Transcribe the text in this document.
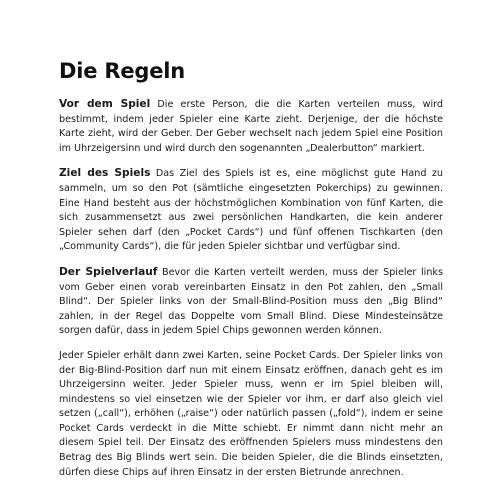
Die Regeln

Vor dem Spiel Die erste Person, die die Karten verteilen muss, wird bestimmt, indem jeder Spieler eine Karte zieht. Derjenige, der die höchste Karte zieht, wird der Geber. Der Geber wechselt nach jedem Spiel eine Position im Uhrzeigersinn und wird durch den sogenannten „Dealerbutton“ markiert.

Ziel des Spiels Das Ziel des Spiels ist es, eine möglichst gute Hand zu sammeln, um so den Pot (sämtliche eingesetzten Pokerchips) zu gewinnen. Eine Hand besteht aus der höchstmöglichen Kombination von fünf Karten, die sich zusammensetzt aus zwei persönlichen Handkarten, die kein anderer Spieler sehen darf (den „Pocket Cards“) und fünf offenen Tischkarten (den „Community Cards“), die für jeden Spieler sichtbar und verfügbar sind.

Der Spielverlauf Bevor die Karten verteilt werden, muss der Spieler links vom Geber einen vorab vereinbarten Einsatz in den Pot zahlen, den „Small Blind“. Der Spieler links von der Small-Blind-Position muss den „Big Blind“ zahlen, in der Regel das Doppelte vom Small Blind. Diese Mindesteinsätze sorgen dafür, dass in jedem Spiel Chips gewonnen werden können.

Jeder Spieler erhält dann zwei Karten, seine Pocket Cards. Der Spieler links von der Big-Blind-Position darf nun mit einem Einsatz eröffnen, danach geht es im Uhrzeigersinn weiter. Jeder Spieler muss, wenn er im Spiel bleiben will, mindestens so viel einsetzen wie der Spieler vor ihm, er darf also gleich viel setzen („call“), erhöhen („raise“) oder natürlich passen („fold“), indem er seine Pocket Cards verdeckt in die Mitte schiebt. Er nimmt dann nicht mehr an diesem Spiel teil. Der Einsatz des eröffnenden Spielers muss mindestens den Betrag des Big Blinds wert sein. Die beiden Spieler, die die Blinds einsetzten, dürfen diese Chips auf ihren Einsatz in der ersten Bietrunde anrechnen.
